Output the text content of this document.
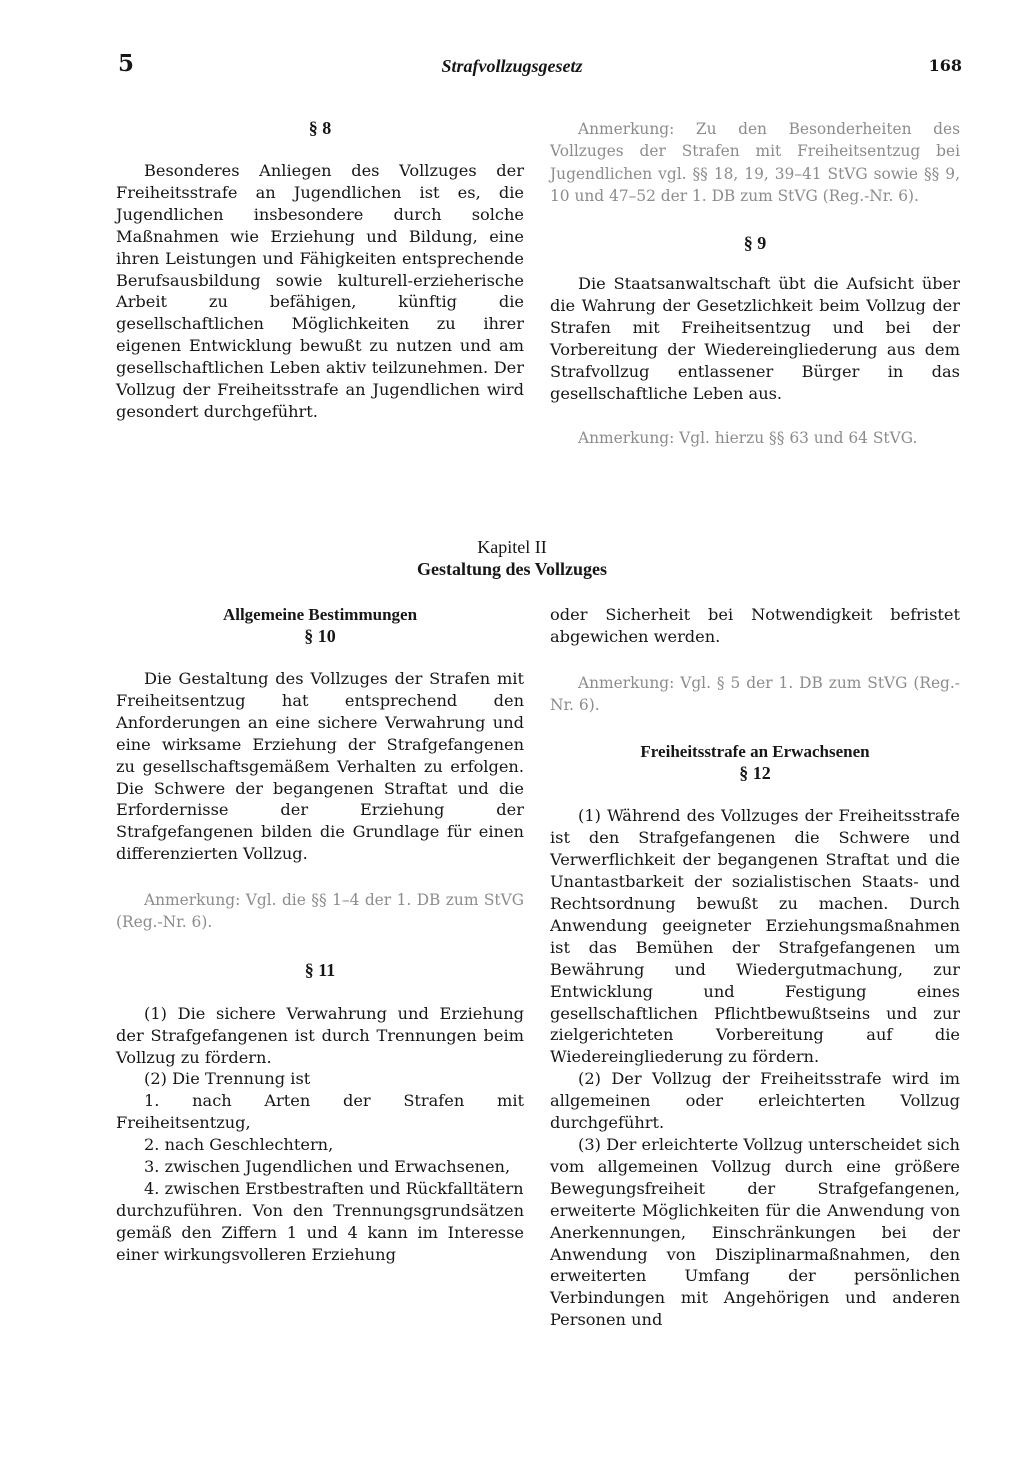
5	Strafvollzugsgesetz	168

§ 8

Besonderes Anliegen des Vollzuges der Freiheitsstrafe an Jugendlichen ist es, die Jugendlichen insbesondere durch solche Maßnahmen wie Erziehung und Bildung, eine ihren Leistungen und Fähigkeiten entsprechende Berufsausbildung sowie kulturell-erzieherische Arbeit zu befähigen, künftig die gesellschaftlichen Möglichkeiten zu ihrer eigenen Entwicklung bewußt zu nutzen und am gesellschaftlichen Leben aktiv teilzunehmen. Der Vollzug der Freiheitsstrafe an Jugendlichen wird gesondert durchgeführt.

Anmerkung: Zu den Besonderheiten des Vollzuges der Strafen mit Freiheitsentzug bei Jugendlichen vgl. §§ 18, 19, 39–41 StVG sowie §§ 9, 10 und 47–52 der 1. DB zum StVG (Reg.-Nr. 6).

§ 9

Die Staatsanwaltschaft übt die Aufsicht über die Wahrung der Gesetzlichkeit beim Vollzug der Strafen mit Freiheitsentzug und bei der Vorbereitung der Wiedereingliederung aus dem Strafvollzug entlassener Bürger in das gesellschaftliche Leben aus.

Anmerkung: Vgl. hierzu §§ 63 und 64 StVG.

Kapitel II
Gestaltung des Vollzuges

Allgemeine Bestimmungen

§ 10

Die Gestaltung des Vollzuges der Strafen mit Freiheitsentzug hat entsprechend den Anforderungen an eine sichere Verwahrung und eine wirksame Erziehung der Strafgefangenen zu gesellschaftsgemäßem Verhalten zu erfolgen. Die Schwere der begangenen Straftat und die Erfordernisse der Erziehung der Strafgefangenen bilden die Grundlage für einen differenzierten Vollzug.

Anmerkung: Vgl. die §§ 1–4 der 1. DB zum StVG (Reg.-Nr. 6).

§ 11

(1) Die sichere Verwahrung und Erziehung der Strafgefangenen ist durch Trennungen beim Vollzug zu fördern.

(2) Die Trennung ist

1. nach Arten der Strafen mit Freiheitsentzug,
2. nach Geschlechtern,
3. zwischen Jugendlichen und Erwachsenen,
4. zwischen Erstbestraften und Rückfalltätern

durchzuführen. Von den Trennungsgrundsätzen gemäß den Ziffern 1 und 4 kann im Interesse einer wirkungsvolleren Erziehung

oder Sicherheit bei Notwendigkeit befristet abgewichen werden.

Anmerkung: Vgl. § 5 der 1. DB zum StVG (Reg.-Nr. 6).

Freiheitsstrafe an Erwachsenen

§ 12

(1) Während des Vollzuges der Freiheitsstrafe ist den Strafgefangenen die Schwere und Verwerflichkeit der begangenen Straftat und die Unantastbarkeit der sozialistischen Staats- und Rechtsordnung bewußt zu machen. Durch Anwendung geeigneter Erziehungsmaßnahmen ist das Bemühen der Strafgefangenen um Bewährung und Wiedergutmachung, zur Entwicklung und Festigung eines gesellschaftlichen Pflichtbewußtseins und zur zielgerichteten Vorbereitung auf die Wiedereingliederung zu fördern.

(2) Der Vollzug der Freiheitsstrafe wird im allgemeinen oder erleichterten Vollzug durchgeführt.

(3) Der erleichterte Vollzug unterscheidet sich vom allgemeinen Vollzug durch eine größere Bewegungsfreiheit der Strafgefangenen, erweiterte Möglichkeiten für die Anwendung von Anerkennungen, Einschränkungen bei der Anwendung von Disziplinarmaßnahmen, den erweiterten Umfang der persönlichen Verbindungen mit Angehörigen und anderen Personen und
